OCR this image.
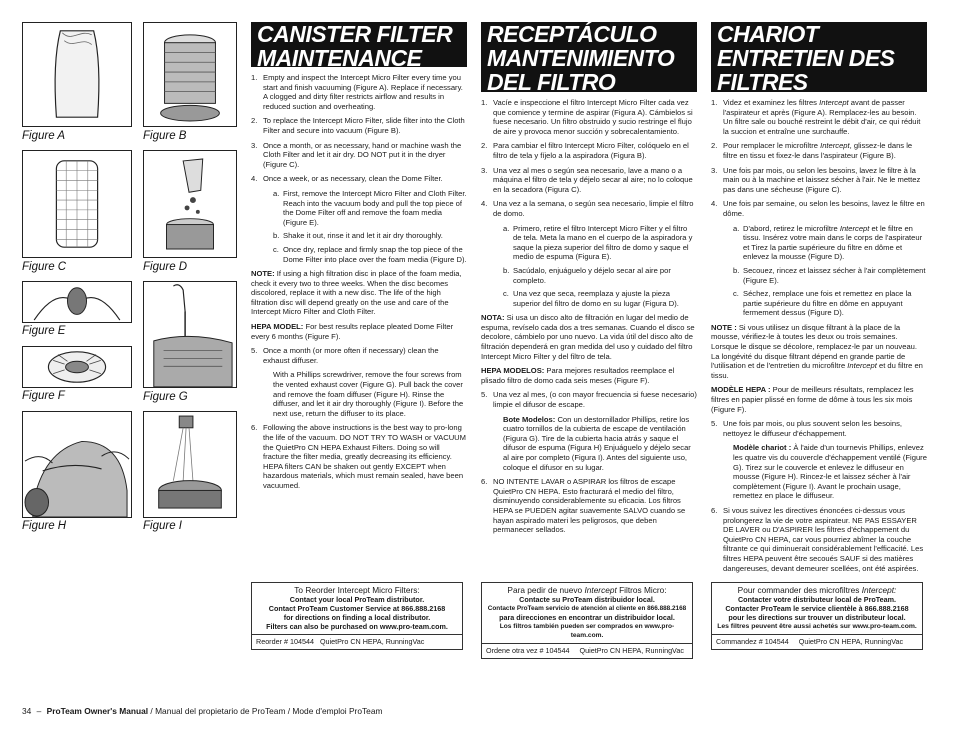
Figure A	Figure B
Figure C	Figure D
Figure E
Figure F	Figure G
Figure H	Figure I
CANISTER FILTER
MAINTENANCE
1. Empty and inspect the Intercept Micro Filter every time you start and finish vacuuming (Figure A). Replace if necessary. A clogged and dirty filter restricts airflow and results in reduced suction and overheating.
2. To replace the Intercept Micro Filter, slide filter into the Cloth Filter and secure into vacuum (Figure B).
3. Once a month, or as necessary, hand or machine wash the Cloth Filter and let it air dry. DO NOT put it in the dryer (Figure C).
4. Once a week, or as necessary, clean the Dome Filter.
a. First, remove the Intercept Micro Filter and Cloth Filter. Reach into the vacuum body and pull the top piece of the Dome Filter off and remove the foam media (Figure E).
b. Shake it out, rinse it and let it air dry thoroughly.
c. Once dry, replace and firmly snap the top piece of the Dome Filter into place over the foam media (Figure D).

NOTE: If using a high filtration disc in place of the foam media, check it every two to three weeks. When the disc becomes discolored, replace it with a new disc. The life of the high filtration disc will depend greatly on the use and care of the Intercept Micro Filter and Cloth Filter.

HEPA MODEL: For best results replace pleated Dome Filter every 6 months (Figure F).

5. Once a month (or more often if necessary) clean the exhaust diffuser.
With a Phillips screwdriver, remove the four screws from the vented exhaust cover (Figure G). Pull back the cover and remove the foam diffuser (Figure H). Rinse the diffuser, and let it air dry thoroughly (Figure I). Before the next use, return the diffuser to its place.
6. Following the above instructions is the best way to pro-long the life of the vacuum. DO NOT TRY TO WASH or VACUUM the QuietPro CN HEPA Exhaust Filters. Doing so will fracture the filter media, greatly decreasing its efficiency. HEPA filters CAN be shaken out gently EXCEPT when hazardous materials, which must remain sealed, have been vacuumed.
RECEPTÁCULO
MANTENIMIENTO
DEL FILTRO
1. Vacíe e inspeccione el filtro Intercept Micro Filter cada vez que comience y termine de aspirar (Figura A). Cámbielos si fuese necesario. Un filtro obstruido y sucio restringe el flujo de aire y provoca menor succión y sobrecalentamiento.
2. Para cambiar el filtro Intercept Micro Filter, colóquelo en el filtro de tela y fíjelo a la aspiradora (Figura B).
3. Una vez al mes o según sea necesario, lave a mano o a máquina el filtro de tela y déjelo secar al aire; no lo coloque en la secadora (Figura C).
4. Una vez a la semana, o según sea necesario, limpie el filtro de domo.
a. Primero, retire el filtro Intercept Micro Filter y el filtro de tela. Meta la mano en el cuerpo de la aspiradora y saque la pieza superior del filtro de domo y saque el medio de espuma (Figura E).
b. Sacúdalo, enjuáguelo y déjelo secar al aire por completo.
c. Una vez que seca, reemplaza y ajuste la pieza superior del filtro de domo en su lugar (Figura D).

NOTA: Si usa un disco alto de filtración en lugar del medio de espuma, revíselo cada dos a tres semanas. Cuando el disco se decolore, cámbielo por uno nuevo. La vida útil del disco alto de filtración dependerá en gran medida del uso y cuidado del filtro Intercept Micro Filter y del filtro de tela.

HEPA MODELOS: Para mejores resultados reemplace el plisado filtro de domo cada seis meses (Figure F).

5. Una vez al mes, (o con mayor frecuencia si fuese necesario) limpie el difusor de escape.
Bote Modelos: Con un destornillador Phillips, retire los cuatro tornillos de la cubierta de escape de ventilación (Figura G). Tire de la cubierta hacia atrás y saque el difusor de espuma (Figura H) Enjuáguelo y déjelo secar al aire por completo (Figura I). Antes del siguiente uso, coloque el difusor en su lugar.
6. NO INTENTE LAVAR o ASPIRAR los filtros de escape QuietPro CN HEPA. Esto fracturará el medio del filtro, disminuyendo considerablemente su eficacia. Los filtros HEPA se PUEDEN agitar suavemente SALVO cuando se hayan aspirado materi les peligrosos, que deben permanecer sellados.
CHARIOT
ENTRETIEN DES
FILTRES
1. Videz et examinez les filtres Intercept avant de passer l'aspirateur et après (Figure A). Remplacez-les au besoin. Un filtre sale ou bouché restreint le débit d'air, ce qui réduit la succion et entraîne une surchauffe.
2. Pour remplacer le microfiltre Intercept, glissez-le dans le filtre en tissu et fixez-le dans l'aspirateur (Figure B).
3. Une fois par mois, ou selon les besoins, lavez le filtre à la main ou à la machine et laissez sécher à l'air. Ne le mettez pas dans une sécheuse (Figure C).
4. Une fois par semaine, ou selon les besoins, lavez le filtre en dôme.
a. D'abord, retirez le microfiltre Intercept et le filtre en tissu. Insérez votre main dans le corps de l'aspirateur et Tirez la partie supérieure du filtre en dôme et enlevez la mousse (Figure D).
b. Secouez, rincez et laissez sécher à l'air complètement (Figure E).
c. Séchez, remplace une fois et remettez en place la partie supérieure du filtre en dôme en appuyant fermement dessus (Figure D).

NOTE : Si vous utilisez un disque filtrant à la place de la mousse, vérifiez-le à toutes les deux ou trois semaines. Lorsque le disque se décolore, remplacez-le par un nouveau. La longévité du disque filtrant dépend en grande partie de l'utilisation et de l'entretien du microfiltre Intercept et du filtre en tissu.

MODÈLE HEPA : Pour de meilleurs résultats, remplacez les filtres en papier plissé en forme de dôme à tous les six mois (Figure F).

5. Une fois par mois, ou plus souvent selon les besoins, nettoyez le diffuseur d'échappement.
Modèle chariot : À l'aide d'un tournevis Phillips, enlevez les quatre vis du couvercle d'échappement ventilé (Figure G). Tirez sur le couvercle et enlevez le diffuseur en mousse (Figure H). Rincez-le et laissez sécher à l'air complètement (Figure I). Avant le prochain usage, remettez en place le diffuseur.
6. Si vous suivez les directives énoncées ci-dessus vous prolongerez la vie de votre aspirateur. NE PAS ESSAYER DE LAVER ou D'ASPIRER les filtres d'échappement du QuietPro CN HEPA, car vous pourriez abîmer la couche filtrante ce qui diminuerait considérablement l'efficacité. Les filtres HEPA peuvent être secoués SAUF si des matières dangereuses, devant demeurer scellées, ont été aspirées.
To Reorder Intercept Micro Filters:
Contact your local ProTeam distributor.
Contact ProTeam Customer Service at 866.888.2168
for directions on finding a local distributor.
Filters can also be purchased on www.pro-team.com.
Reorder # 104544 QuietPro CN HEPA, RunningVac
Para pedir de nuevo Intercept Filtros Micro:
Contacte su ProTeam distribuidor local.
Contacte ProTeam servicio de atención al cliente en 866.888.2168
para direcciones en encontrar un distribuidor local.
Los filtros también pueden ser comprados en www.pro-team.com.
Ordene otra vez # 104544 QuietPro CN HEPA, RunningVac
Pour commander des microfiltres Intercept:
Contacter votre distributeur local de ProTeam.
Contacter ProTeam le service clientèle à 866.888.2168
pour les directions sur trouver un distributeur local.
Les filtres peuvent être aussi achetés sur www.pro-team.com.
Commandez # 104544 QuietPro CN HEPA, RunningVac
34 – ProTeam Owner's Manual / Manual del propietario de ProTeam / Mode d'emploi ProTeam
